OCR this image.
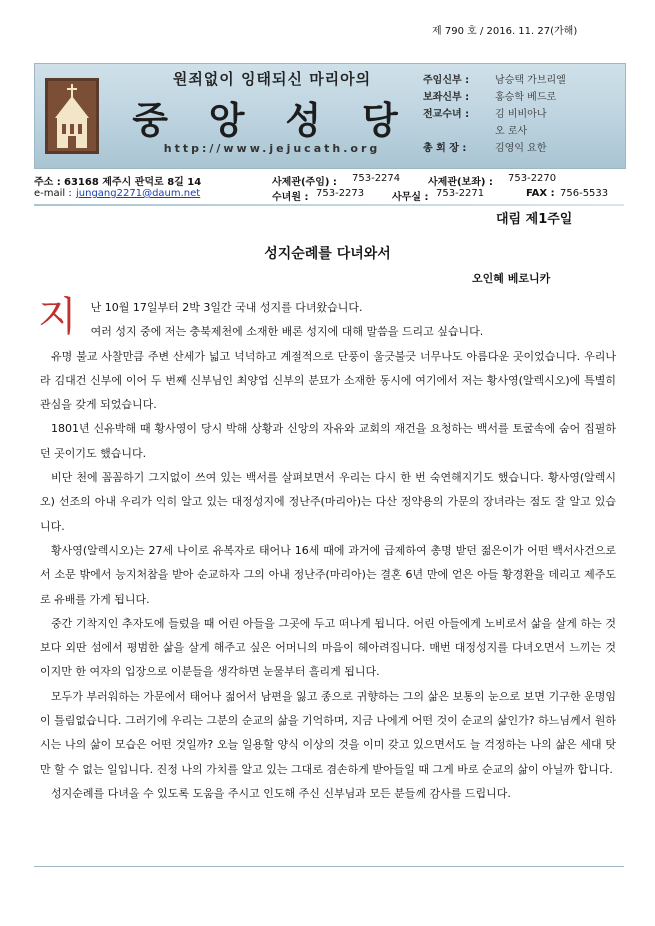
제 790 호 / 2016. 11. 27(가해)
원죄없이 잉태되신 마리아의
중 앙 성 당
http://www.jejucath.org
주임신부 :	남승택 가브리엘
보좌신부 :	홍승학 베드로
전교수녀 :	김 비비아나
오 로사
총 회 장 :	김영익 요한
주소 : 63168 제주시 관덕로 8길 14	사제관(주임) : 753-2274	사제관(보좌) : 753-2270
e-mail : jungang2271@daum.net	수녀원 : 753-2273	사무실 : 753-2271	FAX : 756-5533
대림 제1주일
성지순례를 다녀와서
오인혜 베로니카

지 난 10월 17일부터 2박 3일간 국내 성지를 다녀왔습니다.

여러 성지 중에 저는 충북제천에 소재한 배론 성지에 대해 말씀을 드리고 싶습니다.

유명 불교 사찰만큼 주변 산세가 넓고 넉넉하고 계절적으로 단풍이 울긋불긋 너무나도 아름다운 곳이었습니다. 우리나라 김대건 신부에 이어 두 번째 신부님인 최양업 신부의 분묘가 소재한 동시에 여기에서 저는 황사영(알렉시오)에 특별히 관심을 갖게 되었습니다.

1801년 신유박해 때 황사영이 당시 박해 상황과 신앙의 자유와 교회의 재건을 요청하는 백서를 토굴속에 숨어 집필하던 곳이기도 했습니다.

비단 천에 꼼꼼하기 그지없이 쓰여 있는 백서를 살펴보면서 우리는 다시 한 번 숙연해지기도 했습니다. 황사영(알렉시오) 선조의 아내 우리가 익히 알고 있는 대정성지에 정난주(마리아)는 다산 정약용의 가문의 장녀라는 점도 잘 알고 있습니다.

황사영(알렉시오)는 27세 나이로 유복자로 태어나 16세 때에 과거에 급제하여 총명 받던 젊은이가 어떤 백서사건으로서 소문 밖에서 능지처참을 받아 순교하자 그의 아내 정난주(마리아)는 결혼 6년 만에 얻은 아들 황경환을 데리고 제주도로 유배를 가게 됩니다.

중간 기착지인 추자도에 들렀을 때 어린 아들을 그곳에 두고 떠나게 됩니다. 어린 아들에게 노비로서 삶을 살게 하는 것 보다 외딴 섬에서 평범한 삶을 살게 해주고 싶은 어머니의 마음이 헤아려집니다. 매번 대정성지를 다녀오면서 느끼는 것이지만 한 여자의 입장으로 이분들을 생각하면 눈물부터 흘리게 됩니다.

모두가 부러워하는 가문에서 태어나 젊어서 남편을 잃고 종으로 귀향하는 그의 삶은 보통의 눈으로 보면 기구한 운명임이 틀림없습니다. 그러기에 우리는 그분의 순교의 삶을 기억하며, 지금 나에게 어떤 것이 순교의 삶인가? 하느님께서 원하시는 나의 삶이 모습은 어떤 것일까? 오늘 일용할 양식 이상의 것을 이미 갖고 있으면서도 늘 걱정하는 나의 삶은 세대 탓만 할 수 없는 일입니다. 진정 나의 가치를 알고 있는 그대로 겸손하게 받아들일 때 그게 바로 순교의 삶이 아닐까 합니다.

성지순례를 다녀올 수 있도록 도움을 주시고 인도해 주신 신부님과 모든 분들께 감사를 드립니다.
